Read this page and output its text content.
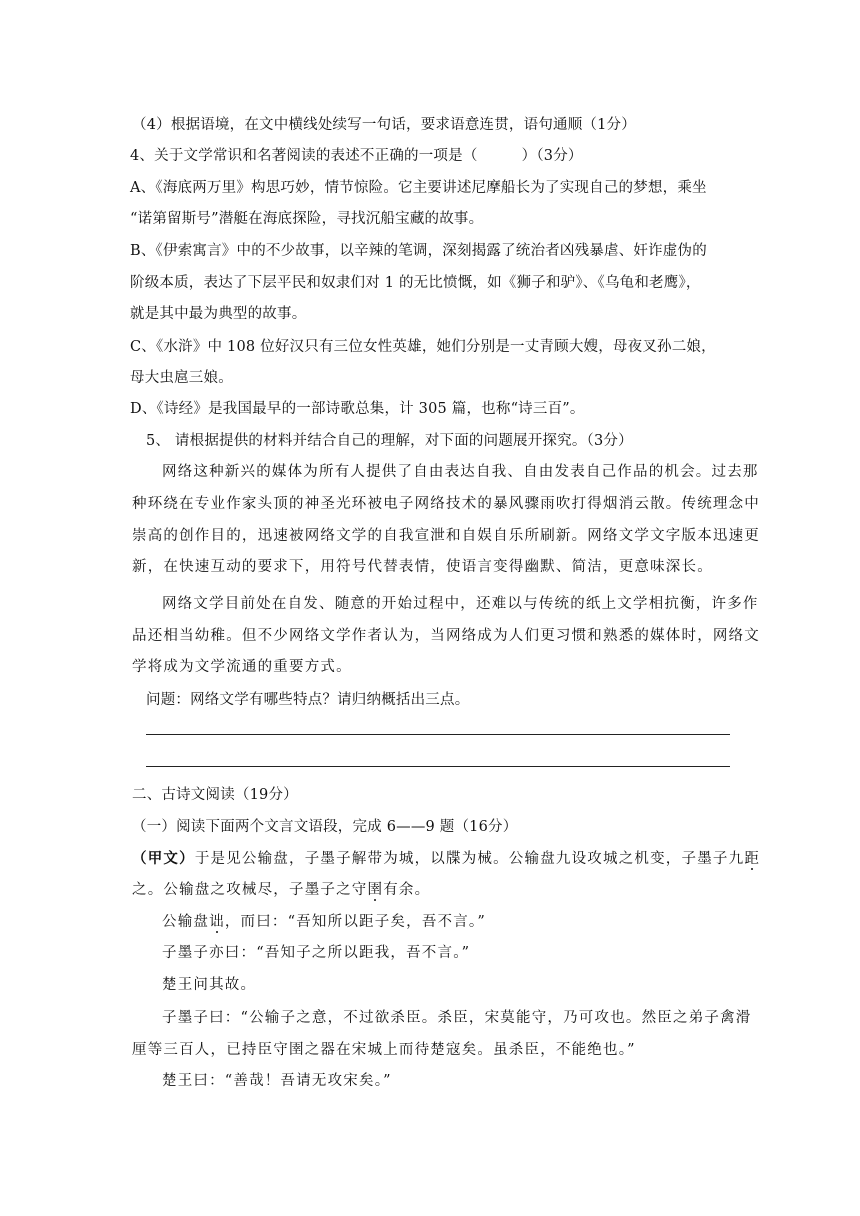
（4）根据语境，在文中横线处续写一句话，要求语意连贯，语句通顺（1分）
4、关于文学常识和名著阅读的表述不正确的一项是（　　　）（3分）
A、《海底两万里》构思巧妙，情节惊险。它主要讲述尼摩船长为了实现自己的梦想，乘坐
“诺第留斯号”潜艇在海底探险，寻找沉船宝藏的故事。
B、《伊索寓言》中的不少故事，以辛辣的笔调，深刻揭露了统治者凶残暴虐、奸诈虚伪的
阶级本质，表达了下层平民和奴隶们对 1 的无比愤慨，如《狮子和驴》、《乌龟和老鹰》，
就是其中最为典型的故事。
C、《水浒》中 108 位好汉只有三位女性英雄，她们分别是一丈青顾大嫂，母夜叉孙二娘，
母大虫扈三娘。
D、《诗经》是我国最早的一部诗歌总集，计 305 篇，也称“诗三百”。
5、 请根据提供的材料并结合自己的理解，对下面的问题展开探究。（3分）
网络这种新兴的媒体为所有人提供了自由表达自我、自由发表自己作品的机会。过去那
种环绕在专业作家头顶的神圣光环被电子网络技术的暴风骤雨吹打得烟消云散。传统理念中
崇高的创作目的，迅速被网络文学的自我宣泄和自娱自乐所刷新。网络文学文字版本迅速更
新，在快速互动的要求下，用符号代替表情，使语言变得幽默、简洁，更意味深长。
网络文学目前处在自发、随意的开始过程中，还难以与传统的纸上文学相抗衡，许多作
品还相当幼稚。但不少网络文学作者认为，当网络成为人们更习惯和熟悉的媒体时，网络文
学将成为文学流通的重要方式。
问题：网络文学有哪些特点？请归纳概括出三点。
二、古诗文阅读（19分）
（一）阅读下面两个文言文语段，完成 6——9 题（16分）
（甲文）于是见公输盘，子墨子解带为城，以牒为械。公输盘九设攻城之机变，子墨子九距
之。公输盘之攻械尽，子墨子之守圉有余。
公输盘诎，而曰：“吾知所以距子矣，吾不言。”
子墨子亦曰：“吾知子之所以距我，吾不言。”
楚王问其故。
子墨子曰：“公输子之意，不过欲杀臣。杀臣，宋莫能守，乃可攻也。然臣之弟子禽滑
厘等三百人，已持臣守圉之器在宋城上而待楚寇矣。虽杀臣，不能绝也。”
楚王曰：“善哉！吾请无攻宋矣。”
